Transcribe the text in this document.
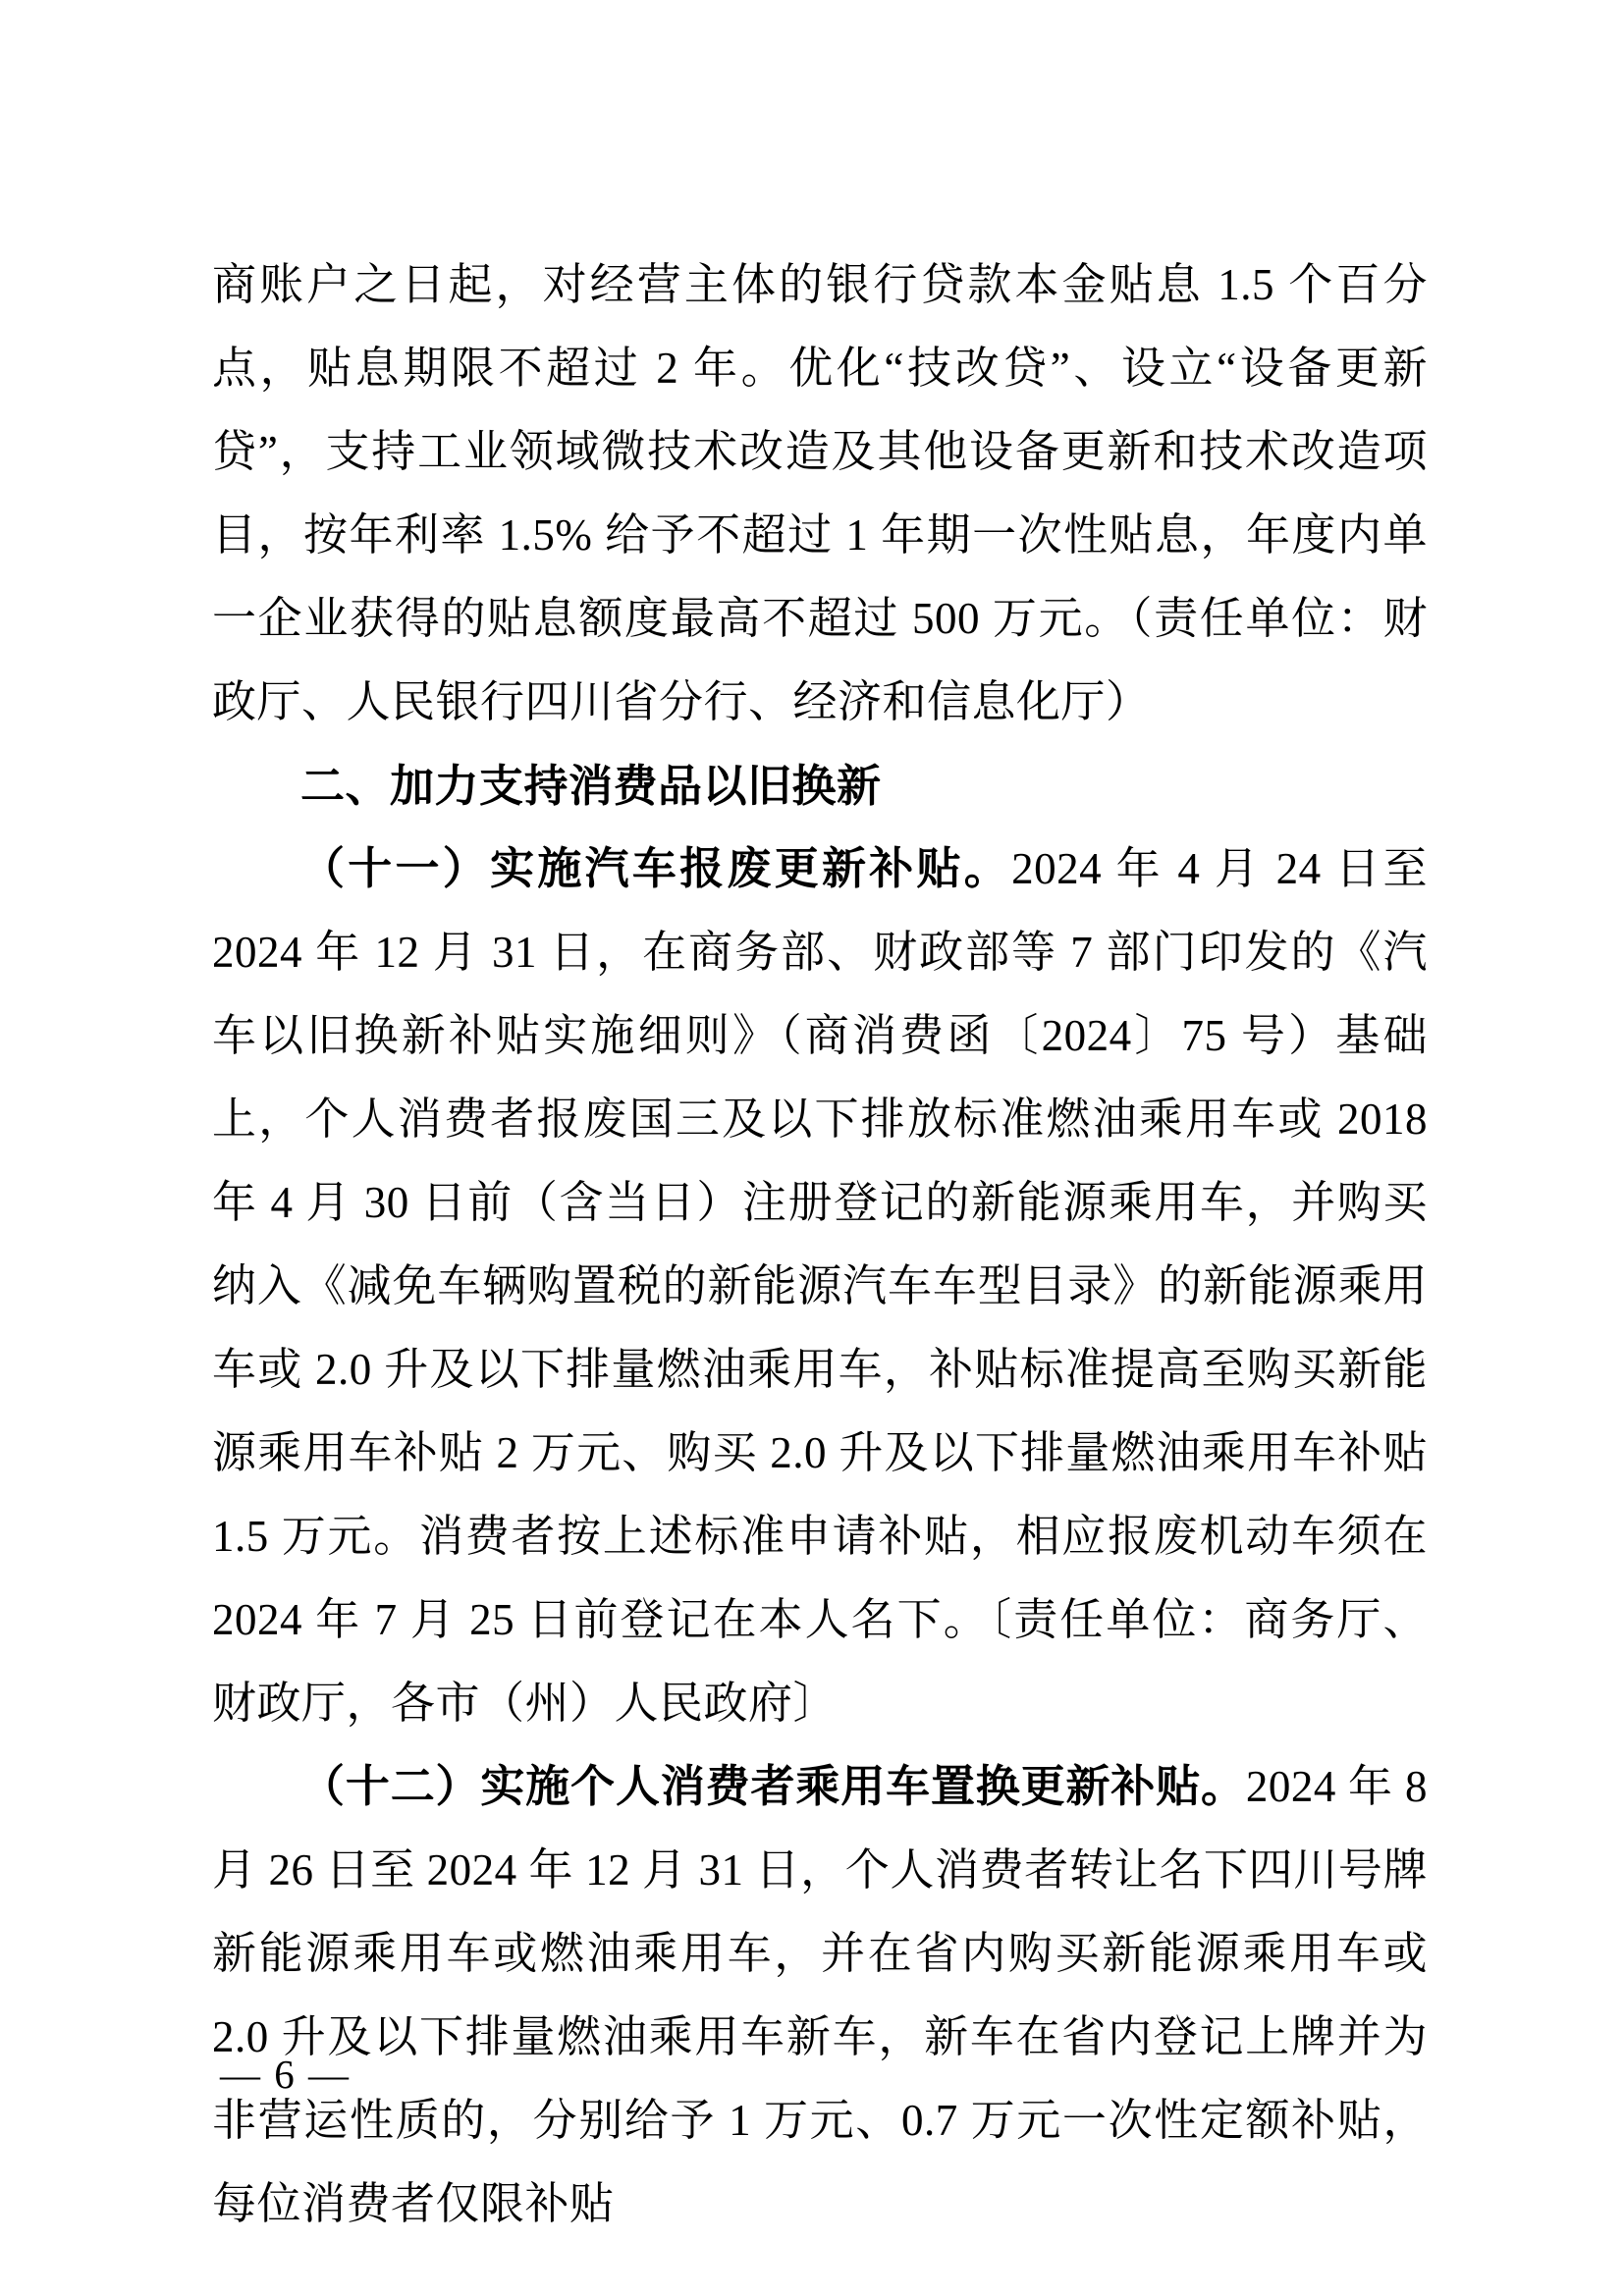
商账户之日起，对经营主体的银行贷款本金贴息 1.5 个百分点，贴息期限不超过 2 年。优化“技改贷”、设立“设备更新贷”，支持工业领域微技术改造及其他设备更新和技术改造项目，按年利率 1.5% 给予不超过 1 年期一次性贴息，年度内单一企业获得的贴息额度最高不超过 500 万元。（责任单位：财政厅、人民银行四川省分行、经济和信息化厅）

二、加力支持消费品以旧换新

（十一）实施汽车报废更新补贴。2024 年 4 月 24 日至 2024 年 12 月 31 日，在商务部、财政部等 7 部门印发的《汽车以旧换新补贴实施细则》（商消费函〔2024〕75 号）基础上，个人消费者报废国三及以下排放标准燃油乘用车或 2018 年 4 月 30 日前（含当日）注册登记的新能源乘用车，并购买纳入《减免车辆购置税的新能源汽车车型目录》的新能源乘用车或 2.0 升及以下排量燃油乘用车，补贴标准提高至购买新能源乘用车补贴 2 万元、购买 2.0 升及以下排量燃油乘用车补贴 1.5 万元。消费者按上述标准申请补贴，相应报废机动车须在 2024 年 7 月 25 日前登记在本人名下。〔责任单位：商务厅、财政厅，各市（州）人民政府〕

（十二）实施个人消费者乘用车置换更新补贴。2024 年 8 月 26 日至 2024 年 12 月 31 日，个人消费者转让名下四川号牌新能源乘用车或燃油乘用车，并在省内购买新能源乘用车或 2.0 升及以下排量燃油乘用车新车，新车在省内登记上牌并为非营运性质的，分别给予 1 万元、0.7 万元一次性定额补贴，每位消费者仅限补贴

— 6 —
